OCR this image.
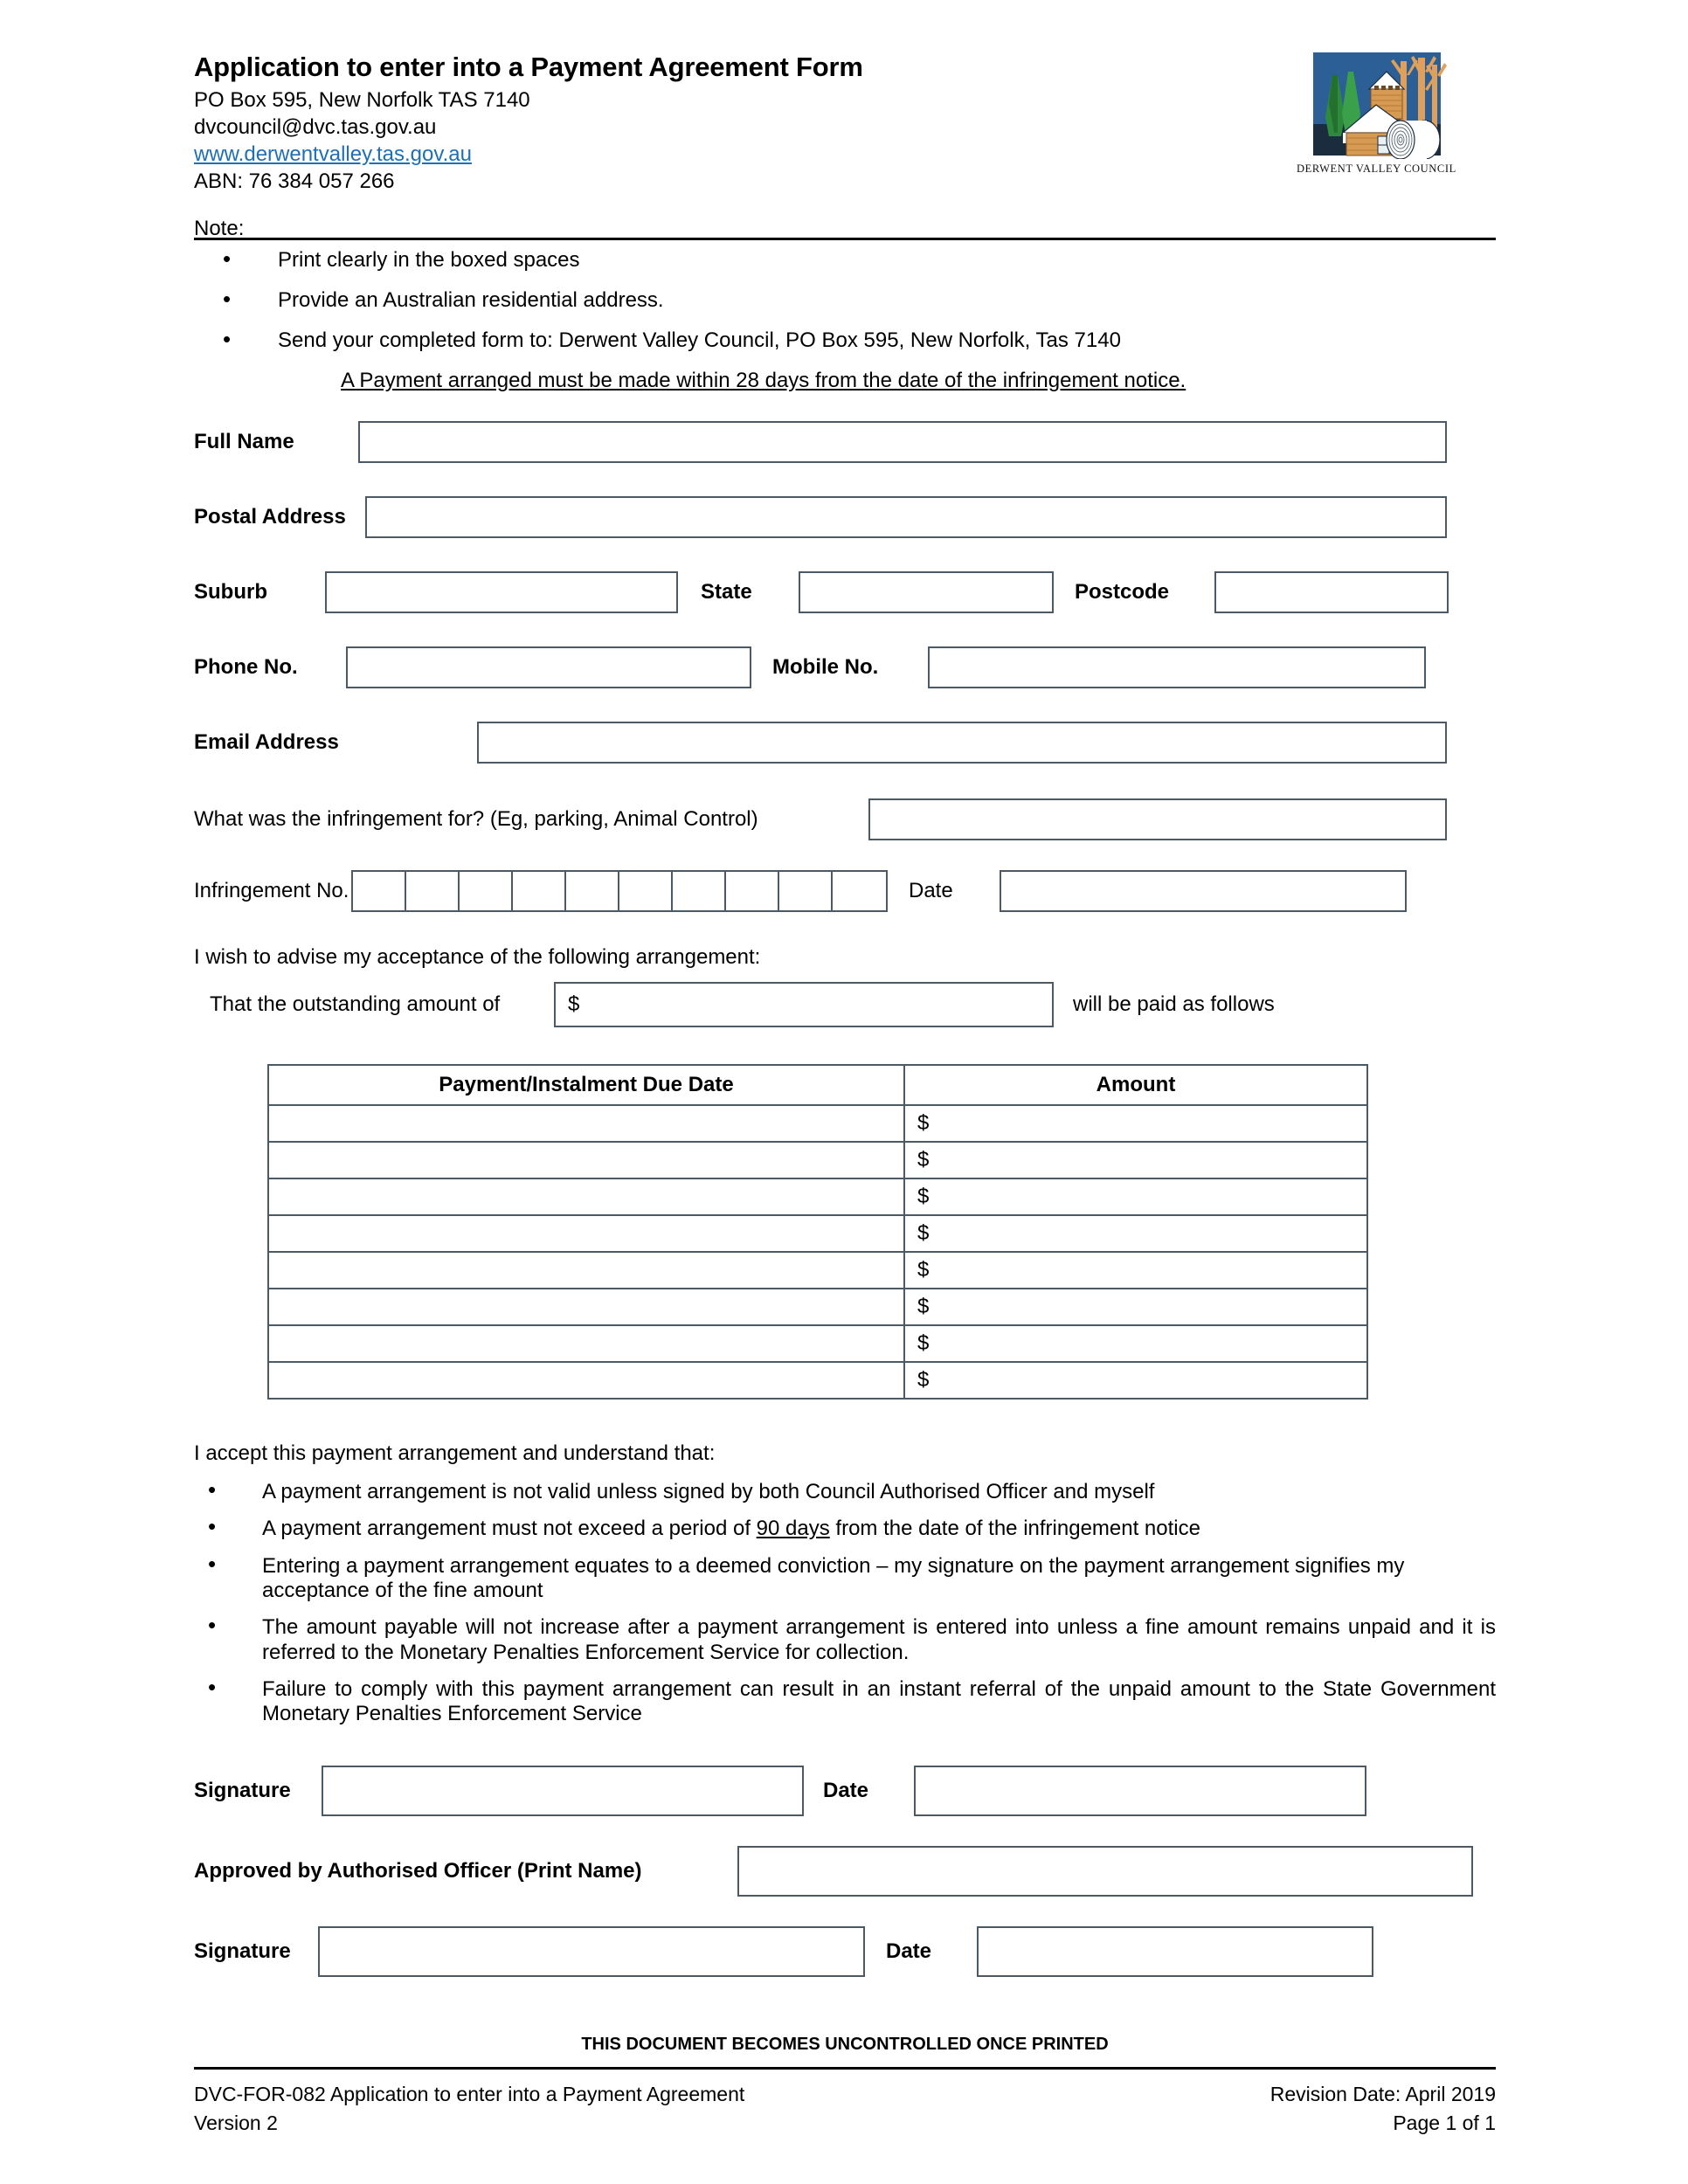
Application to enter into a Payment Agreement Form
PO Box 595, New Norfolk TAS 7140
dvcouncil@dvc.tas.gov.au
www.derwentvalley.tas.gov.au
ABN: 76 384 057 266
DERWENT VALLEY COUNCIL
Note:
• Print clearly in the boxed spaces
• Provide an Australian residential address.
• Send your completed form to: Derwent Valley Council, PO Box 595, New Norfolk, Tas 7140
A Payment arranged must be made within 28 days from the date of the infringement notice.
Full Name
Postal Address
Suburb	State	Postcode
Phone No.	Mobile No.
Email Address
What was the infringement for? (Eg, parking, Animal Control)
Infringement No.	Date
I wish to advise my acceptance of the following arrangement:
That the outstanding amount of	$	will be paid as follows
Payment/Instalment Due Date	Amount
	$
	$
	$
	$
	$
	$
	$
	$
I accept this payment arrangement and understand that:
• A payment arrangement is not valid unless signed by both Council Authorised Officer and myself
• A payment arrangement must not exceed a period of 90 days from the date of the infringement notice
• Entering a payment arrangement equates to a deemed conviction – my signature on the payment arrangement signifies my acceptance of the fine amount
• The amount payable will not increase after a payment arrangement is entered into unless a fine amount remains unpaid and it is referred to the Monetary Penalties Enforcement Service for collection.
• Failure to comply with this payment arrangement can result in an instant referral of the unpaid amount to the State Government Monetary Penalties Enforcement Service
Signature	Date
Approved by Authorised Officer (Print Name)
Signature	Date
THIS DOCUMENT BECOMES UNCONTROLLED ONCE PRINTED
DVC-FOR-082 Application to enter into a Payment Agreement	Revision Date: April 2019
Version 2	Page 1 of 1
